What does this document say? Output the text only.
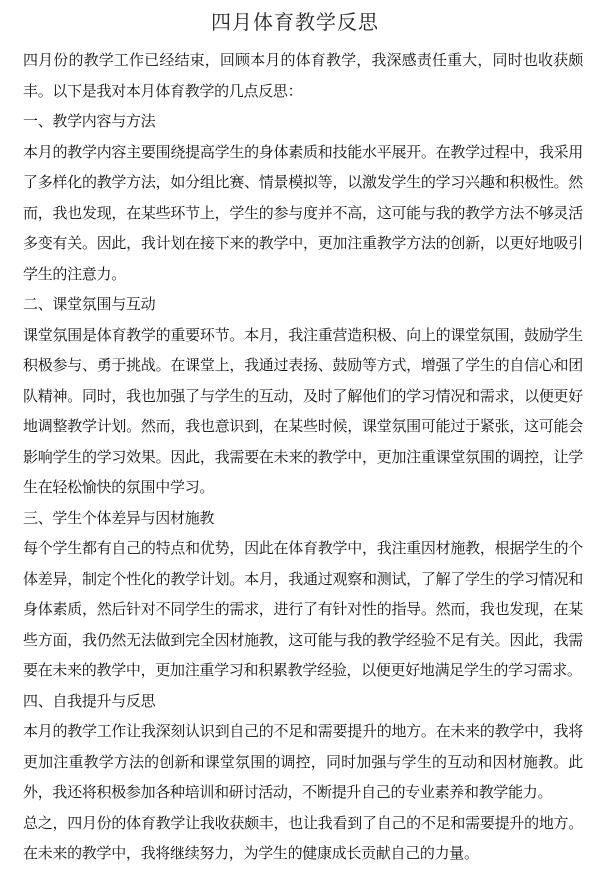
四月体育教学反思

四月份的教学工作已经结束，回顾本月的体育教学，我深感责任重大，同时也收获颇丰。以下是我对本月体育教学的几点反思：

一、教学内容与方法

本月的教学内容主要围绕提高学生的身体素质和技能水平展开。在教学过程中，我采用了多样化的教学方法，如分组比赛、情景模拟等，以激发学生的学习兴趣和积极性。然而，我也发现，在某些环节上，学生的参与度并不高，这可能与我的教学方法不够灵活多变有关。因此，我计划在接下来的教学中，更加注重教学方法的创新，以更好地吸引学生的注意力。

二、课堂氛围与互动

课堂氛围是体育教学的重要环节。本月，我注重营造积极、向上的课堂氛围，鼓励学生积极参与、勇于挑战。在课堂上，我通过表扬、鼓励等方式，增强了学生的自信心和团队精神。同时，我也加强了与学生的互动，及时了解他们的学习情况和需求，以便更好地调整教学计划。然而，我也意识到，在某些时候，课堂氛围可能过于紧张，这可能会影响学生的学习效果。因此，我需要在未来的教学中，更加注重课堂氛围的调控，让学生在轻松愉快的氛围中学习。

三、学生个体差异与因材施教

每个学生都有自己的特点和优势，因此在体育教学中，我注重因材施教，根据学生的个体差异，制定个性化的教学计划。本月，我通过观察和测试，了解了学生的学习情况和身体素质，然后针对不同学生的需求，进行了有针对性的指导。然而，我也发现，在某些方面，我仍然无法做到完全因材施教，这可能与我的教学经验不足有关。因此，我需要在未来的教学中，更加注重学习和积累教学经验，以便更好地满足学生的学习需求。

四、自我提升与反思

本月的教学工作让我深刻认识到自己的不足和需要提升的地方。在未来的教学中，我将更加注重教学方法的创新和课堂氛围的调控，同时加强与学生的互动和因材施教。此外，我还将积极参加各种培训和研讨活动，不断提升自己的专业素养和教学能力。

总之，四月份的体育教学让我收获颇丰，也让我看到了自己的不足和需要提升的地方。在未来的教学中，我将继续努力，为学生的健康成长贡献自己的力量。
